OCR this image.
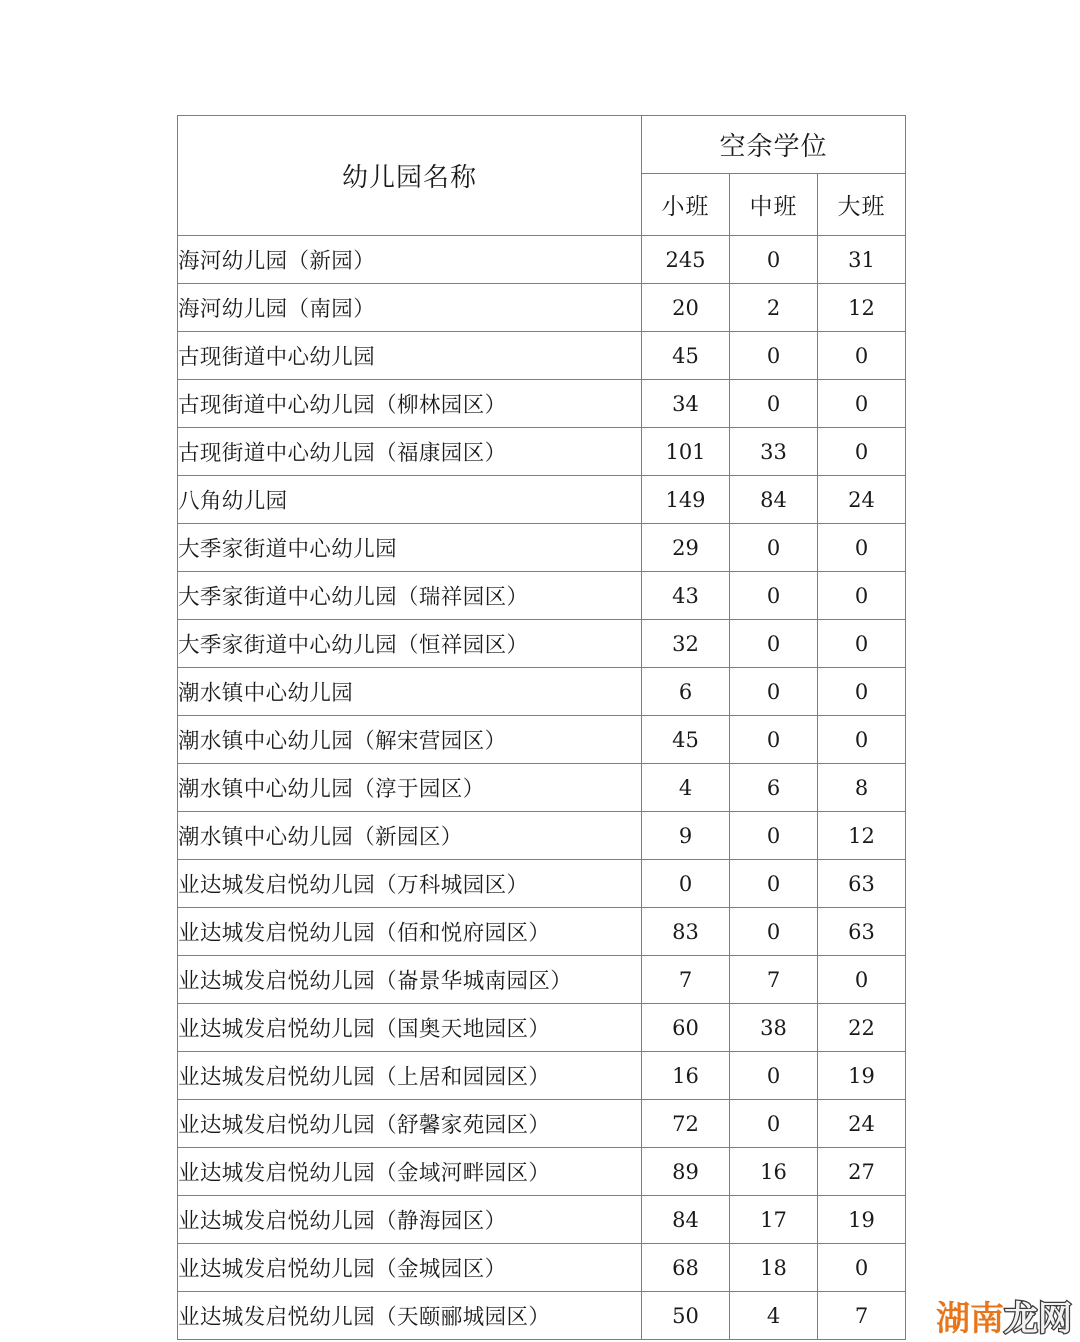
幼儿园名称	空余学位		
	小班	中班	大班
海河幼儿园（新园）	245	0	31
海河幼儿园（南园）	20	2	12
古现街道中心幼儿园	45	0	0
古现街道中心幼儿园（柳林园区）	34	0	0
古现街道中心幼儿园（福康园区）	101	33	0
八角幼儿园	149	84	24
大季家街道中心幼儿园	29	0	0
大季家街道中心幼儿园（瑞祥园区）	43	0	0
大季家街道中心幼儿园（恒祥园区）	32	0	0
潮水镇中心幼儿园	6	0	0
潮水镇中心幼儿园（解宋营园区）	45	0	0
潮水镇中心幼儿园（淳于园区）	4	6	8
潮水镇中心幼儿园（新园区）	9	0	12
业达城发启悦幼儿园（万科城园区）	0	0	63
业达城发启悦幼儿园（佰和悦府园区）	83	0	63
业达城发启悦幼儿园（崙景华城南园区）	7	7	0
业达城发启悦幼儿园（国奥天地园区）	60	38	22
业达城发启悦幼儿园（上居和园园区）	16	0	19
业达城发启悦幼儿园（舒馨家苑园区）	72	0	24
业达城发启悦幼儿园（金域河畔园区）	89	16	27
业达城发启悦幼儿园（静海园区）	84	17	19
业达城发启悦幼儿园（金城园区）	68	18	0
业达城发启悦幼儿园（天颐郦城园区）	50	4	7 湖南龙网
